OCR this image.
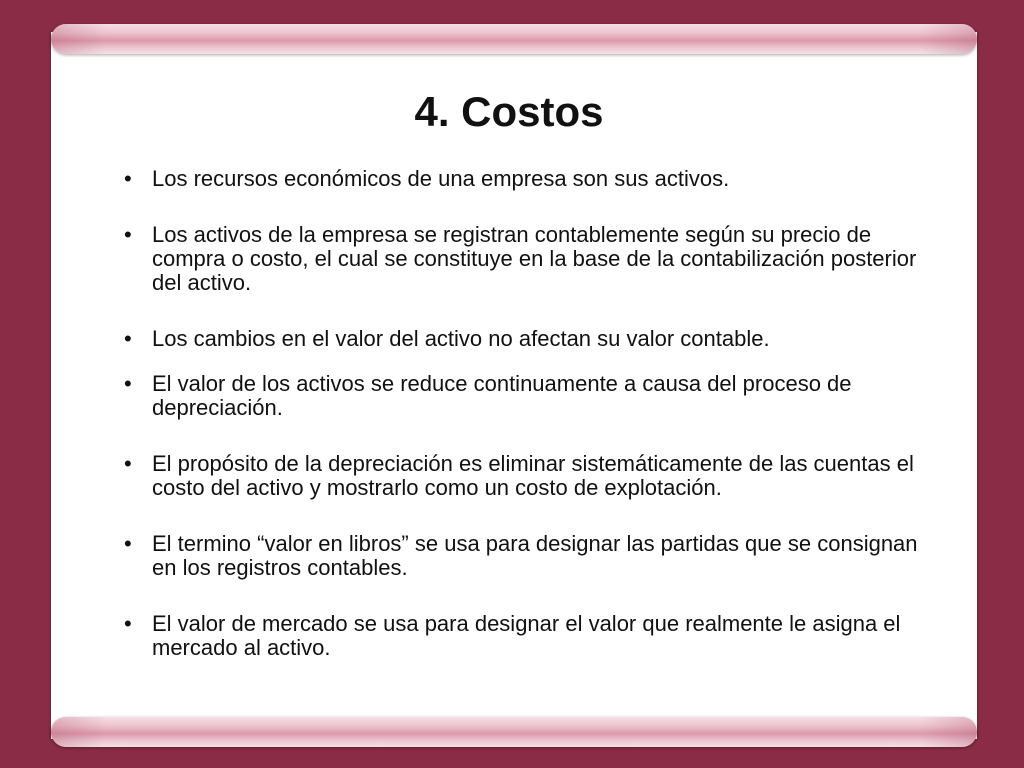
4. Costos
• Los recursos económicos de una empresa son sus activos.
• Los activos de la empresa se registran contablemente según su precio de compra o costo, el cual se constituye en la base de la contabilización posterior del activo.
• Los cambios en el valor del activo no afectan su valor contable.
• El valor de los activos se reduce continuamente a causa del proceso de depreciación.
• El propósito de la depreciación es eliminar sistemáticamente de las cuentas el costo del activo y mostrarlo como un costo de explotación.
• El termino “valor en libros” se usa para designar las partidas que se consignan en los registros contables.
• El valor de mercado se usa para designar el valor que realmente le asigna el mercado al activo.
